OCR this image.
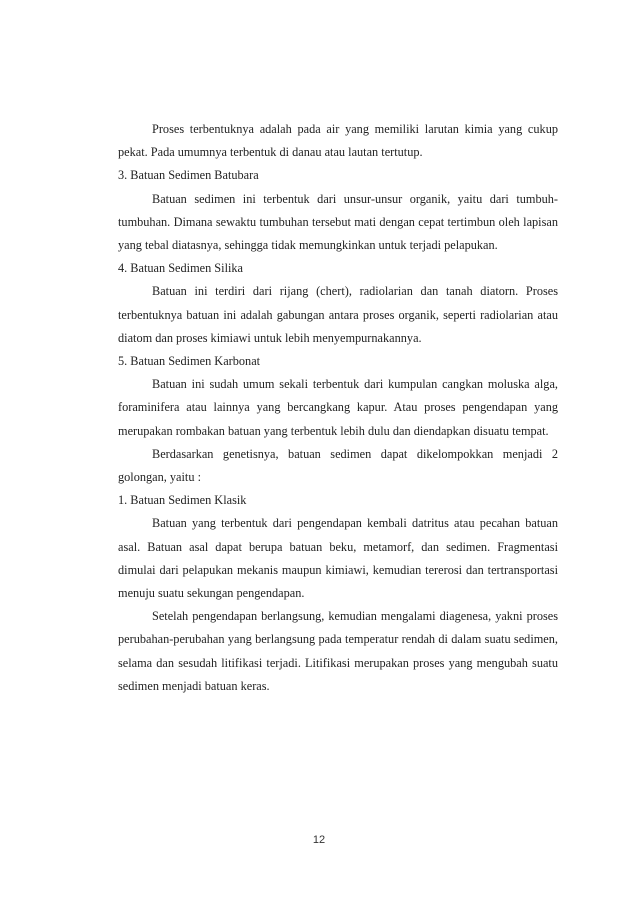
Proses terbentuknya adalah pada air yang memiliki larutan kimia yang cukup pekat. Pada umumnya terbentuk di danau atau lautan tertutup.

3. Batuan Sedimen Batubara

Batuan sedimen ini terbentuk dari unsur-unsur organik, yaitu dari tumbuh-tumbuhan. Dimana sewaktu tumbuhan tersebut mati dengan cepat tertimbun oleh lapisan yang tebal diatasnya, sehingga tidak memungkinkan untuk terjadi pelapukan.

4. Batuan Sedimen Silika

Batuan ini terdiri dari rijang (chert), radiolarian dan tanah diatorn. Proses terbentuknya batuan ini adalah gabungan antara proses organik, seperti radiolarian atau diatom dan proses kimiawi untuk lebih menyempurnakannya.

5. Batuan Sedimen Karbonat

Batuan ini sudah umum sekali terbentuk dari kumpulan cangkan moluska alga, foraminifera atau lainnya yang bercangkang kapur. Atau proses pengendapan yang merupakan rombakan batuan yang terbentuk lebih dulu dan diendapkan disuatu tempat.

Berdasarkan genetisnya, batuan sedimen dapat dikelompokkan menjadi 2 golongan, yaitu :

1. Batuan Sedimen Klasik

Batuan yang terbentuk dari pengendapan kembali datritus atau pecahan batuan asal. Batuan asal dapat berupa batuan beku, metamorf, dan sedimen. Fragmentasi dimulai dari pelapukan mekanis maupun kimiawi, kemudian tererosi dan tertransportasi menuju suatu sekungan pengendapan.

Setelah pengendapan berlangsung, kemudian mengalami diagenesa, yakni proses perubahan-perubahan yang berlangsung pada temperatur rendah di dalam suatu sedimen, selama dan sesudah litifikasi terjadi. Litifikasi merupakan proses yang mengubah suatu sedimen menjadi batuan keras.

12
